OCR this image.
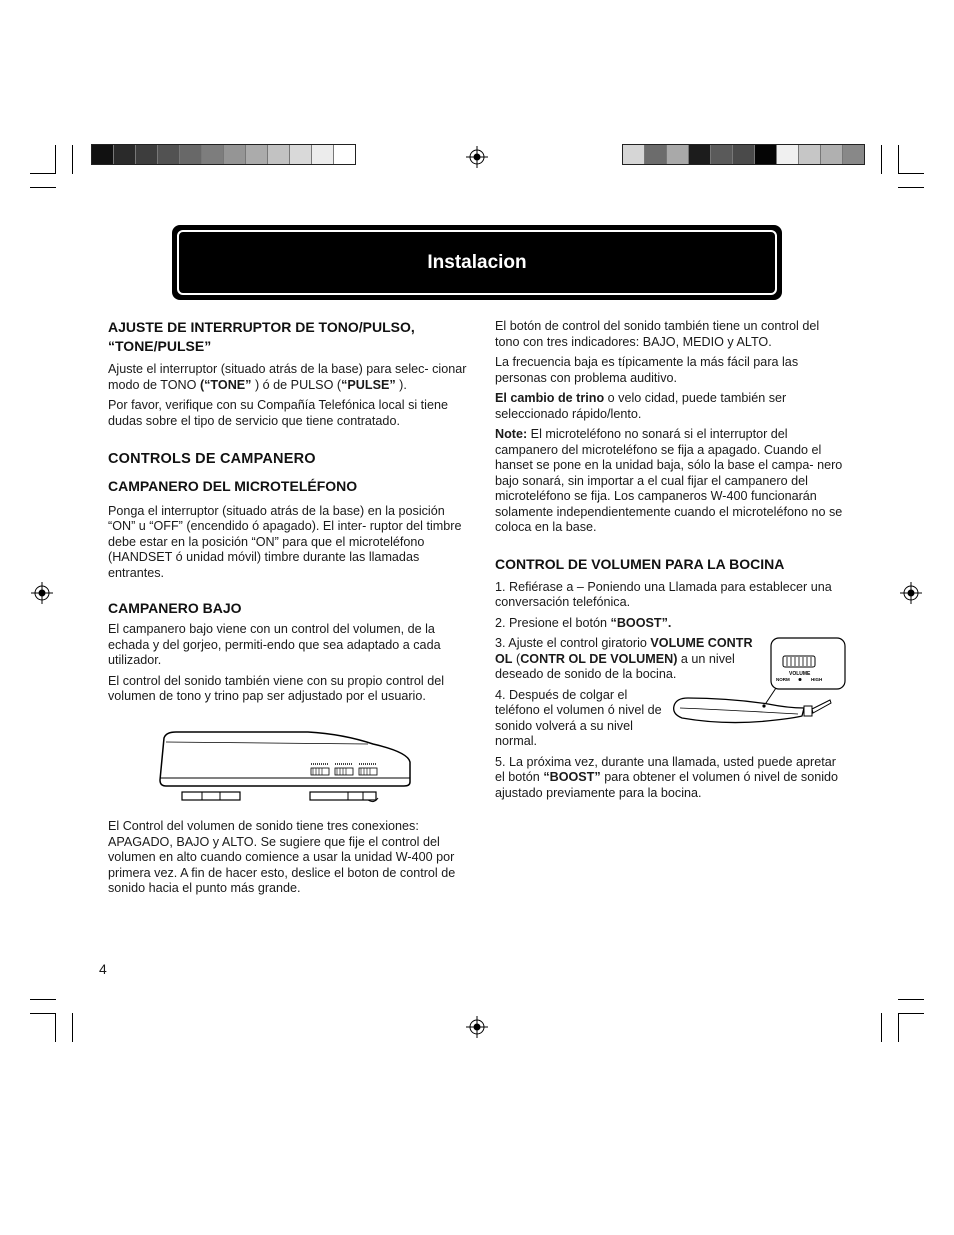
Instalacion
AJUSTE DE INTERRUPTOR DE TONO/PULSO,
“TONE/PULSE”

Ajuste el interruptor (situado atrás de la base) para selec- cionar modo de TONO (“TONE” ) ó de PULSO (“PULSE” ).

Por favor, verifique con su Compañía Telefónica local si tiene dudas sobre el tipo de servicio que tiene contratado.

CONTROLS DE CAMPANERO
CAMPANERO DEL MICROTELÉFONO

Ponga el interruptor (situado atrás de la base) en la posición “ON” u “OFF” (encendido ó apagado). El inter- ruptor del timbre debe estar en la posición “ON” para que el microteléfono (HANDSET ó unidad móvil) timbre durante las llamadas entrantes.

CAMPANERO BAJO

El campanero bajo viene con un control del volumen, de la echada y del gorjeo, permiti-endo que sea adaptado a cada utilizador.

El control del sonido también viene con su propio control del volumen de tono y trino pap ser adjustado por el usuario.

El Control del volumen de sonido tiene tres conexiones: APAGADO, BAJO y ALTO. Se sugiere que fije el control del volumen en alto cuando comience a usar la unidad W-400 por primera vez. A fin de hacer esto, deslice el boton de control de sonido hacia el punto más grande.

El botón de control del sonido también tiene un control del tono con tres indicadores: BAJO, MEDIO y ALTO.

La frecuencia baja es típicamente la más fácil para las personas con problema auditivo.

El cambio de trino o velo cidad, puede también ser seleccionado rápido/lento.

Note: El microteléfono no sonará si el interruptor del campanero del microteléfono se fija a apagado. Cuando el hanset se pone en la unidad baja, sólo la base el campa- nero bajo sonará, sin importar a el cual fijar el campanero del microteléfono se fija. Los campaneros W-400 funcionarán solamente independientemente cuando el microteléfono no se coloca en la base.

CONTROL DE VOLUMEN PARA LA BOCINA

1. Refiérase a – Poniendo una Llamada para establecer una conversación telefónica.

2. Presione el botón “BOOST”.

3. Ajuste el control giratorio VOLUME CONTR OL (CONTR OL DE VOLUMEN) a un nivel deseado de sonido de la bocina.

4. Después de colgar el teléfono el volumen ó nivel de sonido volverá a su nivel normal.

5. La próxima vez, durante una llamada, usted puede apretar el botón “BOOST” para obtener el volumen ó nivel de sonido ajustado previamente para la bocina.

VOLUME
NORM	HIGH
4
